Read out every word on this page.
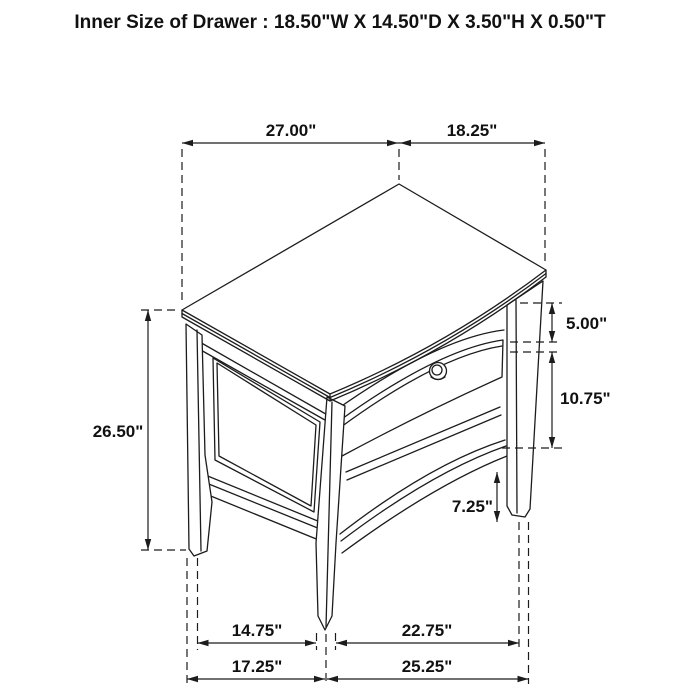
Inner Size of Drawer : 18.50"W X 14.50"D X 3.50"H X 0.50"T
27.00"	18.25"
26.50"
5.00"
10.75"
7.25"
14.75"	22.75"
17.25"	25.25"
